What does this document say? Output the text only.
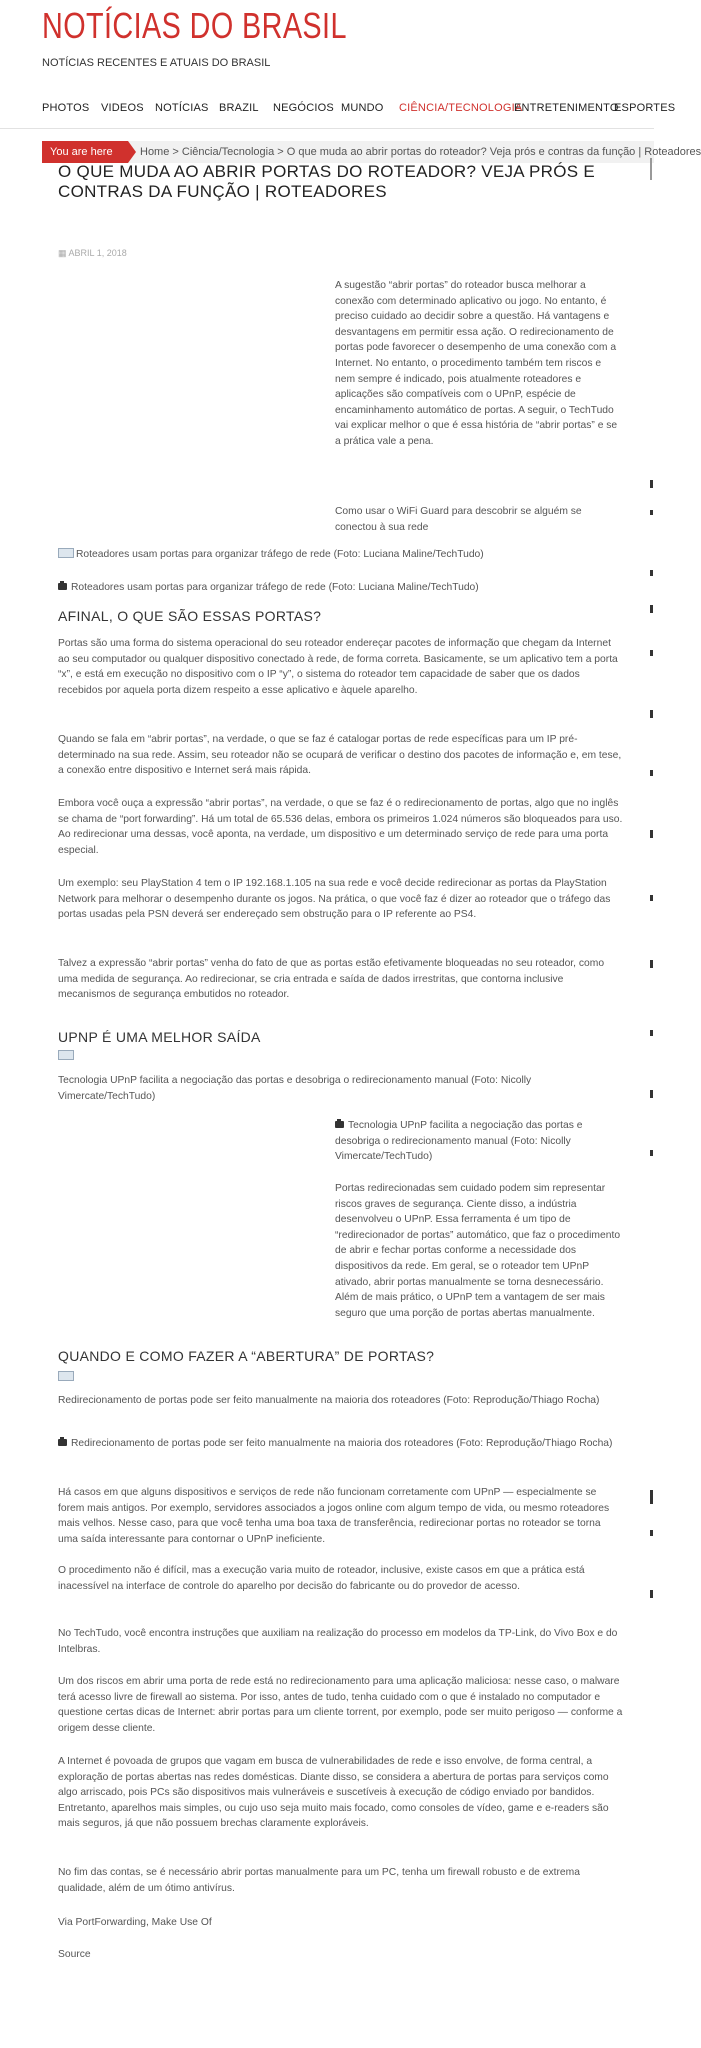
NOTÍCIAS DO BRASIL
NOTÍCIAS RECENTES E ATUAIS DO BRASIL
PHOTOS VIDEOS NOTÍCIAS BRAZIL NEGÓCIOS MUNDO CIÊNCIA/TECNOLOGIA
ENTRETENIMENTO
ESPORTES
You are here	Home > Ciência/Tecnologia > O que muda ao abrir portas do roteador? Veja prós e contras da função | Roteadores
O QUE MUDA AO ABRIR PORTAS DO ROTEADOR? VEJA PRÓS E CONTRAS DA FUNÇÃO | ROTEADORES
▦ ABRIL 1, 2018
A sugestão “abrir portas” do roteador busca melhorar a conexão com determinado aplicativo ou jogo. No entanto, é preciso cuidado ao decidir sobre a questão. Há vantagens e desvantagens em permitir essa ação. O redirecionamento de portas pode favorecer o desempenho de uma conexão com a Internet. No entanto, o procedimento também tem riscos e nem sempre é indicado, pois atualmente roteadores e aplicações são compatíveis com o UPnP, espécie de encaminhamento automático de portas. A seguir, o TechTudo vai explicar melhor o que é essa história de “abrir portas” e se a prática vale a pena.
Como usar o WiFi Guard para descobrir se alguém se conectou à sua rede
Roteadores usam portas para organizar tráfego de rede (Foto: Luciana Maline/TechTudo)
Roteadores usam portas para organizar tráfego de rede (Foto: Luciana Maline/TechTudo)
AFINAL, O QUE SÃO ESSAS PORTAS?
Portas são uma forma do sistema operacional do seu roteador endereçar pacotes de informação que chegam da Internet ao seu computador ou qualquer dispositivo conectado à rede, de forma correta. Basicamente, se um aplicativo tem a porta “x”, e está em execução no dispositivo com o IP “y”, o sistema do roteador tem capacidade de saber que os dados recebidos por aquela porta dizem respeito a esse aplicativo e àquele aparelho.
Quando se fala em “abrir portas”, na verdade, o que se faz é catalogar portas de rede específicas para um IP pré-determinado na sua rede. Assim, seu roteador não se ocupará de verificar o destino dos pacotes de informação e, em tese, a conexão entre dispositivo e Internet será mais rápida.
Embora você ouça a expressão “abrir portas”, na verdade, o que se faz é o redirecionamento de portas, algo que no inglês se chama de “port forwarding”. Há um total de 65.536 delas, embora os primeiros 1.024 números são bloqueados para uso. Ao redirecionar uma dessas, você aponta, na verdade, um dispositivo e um determinado serviço de rede para uma porta especial.
Um exemplo: seu PlayStation 4 tem o IP 192.168.1.105 na sua rede e você decide redirecionar as portas da PlayStation Network para melhorar o desempenho durante os jogos. Na prática, o que você faz é dizer ao roteador que o tráfego das portas usadas pela PSN deverá ser endereçado sem obstrução para o IP referente ao PS4.
Talvez a expressão “abrir portas” venha do fato de que as portas estão efetivamente bloqueadas no seu roteador, como uma medida de segurança. Ao redirecionar, se cria entrada e saída de dados irrestritas, que contorna inclusive mecanismos de segurança embutidos no roteador.
UPNP É UMA MELHOR SAÍDA
Tecnologia UPnP facilita a negociação das portas e desobriga o redirecionamento manual (Foto: Nicolly Vimercate/TechTudo)
Tecnologia UPnP facilita a negociação das portas e desobriga o redirecionamento manual (Foto: Nicolly Vimercate/TechTudo)
Portas redirecionadas sem cuidado podem sim representar riscos graves de segurança. Ciente disso, a indústria desenvolveu o UPnP. Essa ferramenta é um tipo de “redirecionador de portas” automático, que faz o procedimento de abrir e fechar portas conforme a necessidade dos dispositivos da rede. Em geral, se o roteador tem UPnP ativado, abrir portas manualmente se torna desnecessário. Além de mais prático, o UPnP tem a vantagem de ser mais seguro que uma porção de portas abertas manualmente.
QUANDO E COMO FAZER A “ABERTURA” DE PORTAS?
Redirecionamento de portas pode ser feito manualmente na maioria dos roteadores (Foto: Reprodução/Thiago Rocha)
Redirecionamento de portas pode ser feito manualmente na maioria dos roteadores (Foto: Reprodução/Thiago Rocha)
Há casos em que alguns dispositivos e serviços de rede não funcionam corretamente com UPnP — especialmente se forem mais antigos. Por exemplo, servidores associados a jogos online com algum tempo de vida, ou mesmo roteadores mais velhos. Nesse caso, para que você tenha uma boa taxa de transferência, redirecionar portas no roteador se torna uma saída interessante para contornar o UPnP ineficiente.
O procedimento não é difícil, mas a execução varia muito de roteador, inclusive, existe casos em que a prática está inacessível na interface de controle do aparelho por decisão do fabricante ou do provedor de acesso.
No TechTudo, você encontra instruções que auxiliam na realização do processo em modelos da TP-Link, do Vivo Box e do Intelbras.
Um dos riscos em abrir uma porta de rede está no redirecionamento para uma aplicação maliciosa: nesse caso, o malware terá acesso livre de firewall ao sistema. Por isso, antes de tudo, tenha cuidado com o que é instalado no computador e questione certas dicas de Internet: abrir portas para um cliente torrent, por exemplo, pode ser muito perigoso — conforme a origem desse cliente.
A Internet é povoada de grupos que vagam em busca de vulnerabilidades de rede e isso envolve, de forma central, a exploração de portas abertas nas redes domésticas. Diante disso, se considera a abertura de portas para serviços como algo arriscado, pois PCs são dispositivos mais vulneráveis e suscetíveis à execução de código enviado por bandidos. Entretanto, aparelhos mais simples, ou cujo uso seja muito mais focado, como consoles de vídeo, game e e-readers são mais seguros, já que não possuem brechas claramente exploráveis.
No fim das contas, se é necessário abrir portas manualmente para um PC, tenha um firewall robusto e de extrema qualidade, além de um ótimo antivírus.
Via PortForwarding, Make Use Of
Source
